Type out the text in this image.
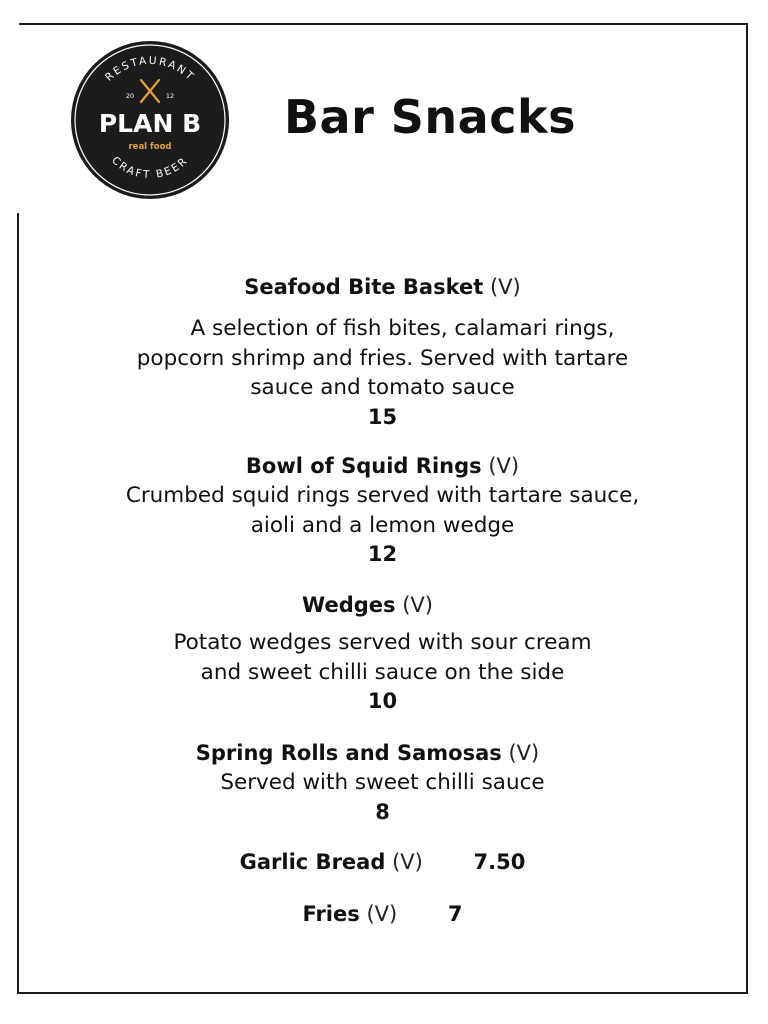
RESTAURANT
CRAFT BEER
20	12
PLAN B
real food
Bar Snacks
Seafood Bite Basket (V)
A selection of fish bites, calamari rings,
popcorn shrimp and fries. Served with tartare
sauce and tomato sauce
15
Bowl of Squid Rings (V)
Crumbed squid rings served with tartare sauce,
aioli and a lemon wedge
12
Wedges (V)
Potato wedges served with sour cream
and sweet chilli sauce on the side
10
Spring Rolls and Samosas (V)
Served with sweet chilli sauce
8
Garlic Bread (V) 7.50
Fries (V) 7
